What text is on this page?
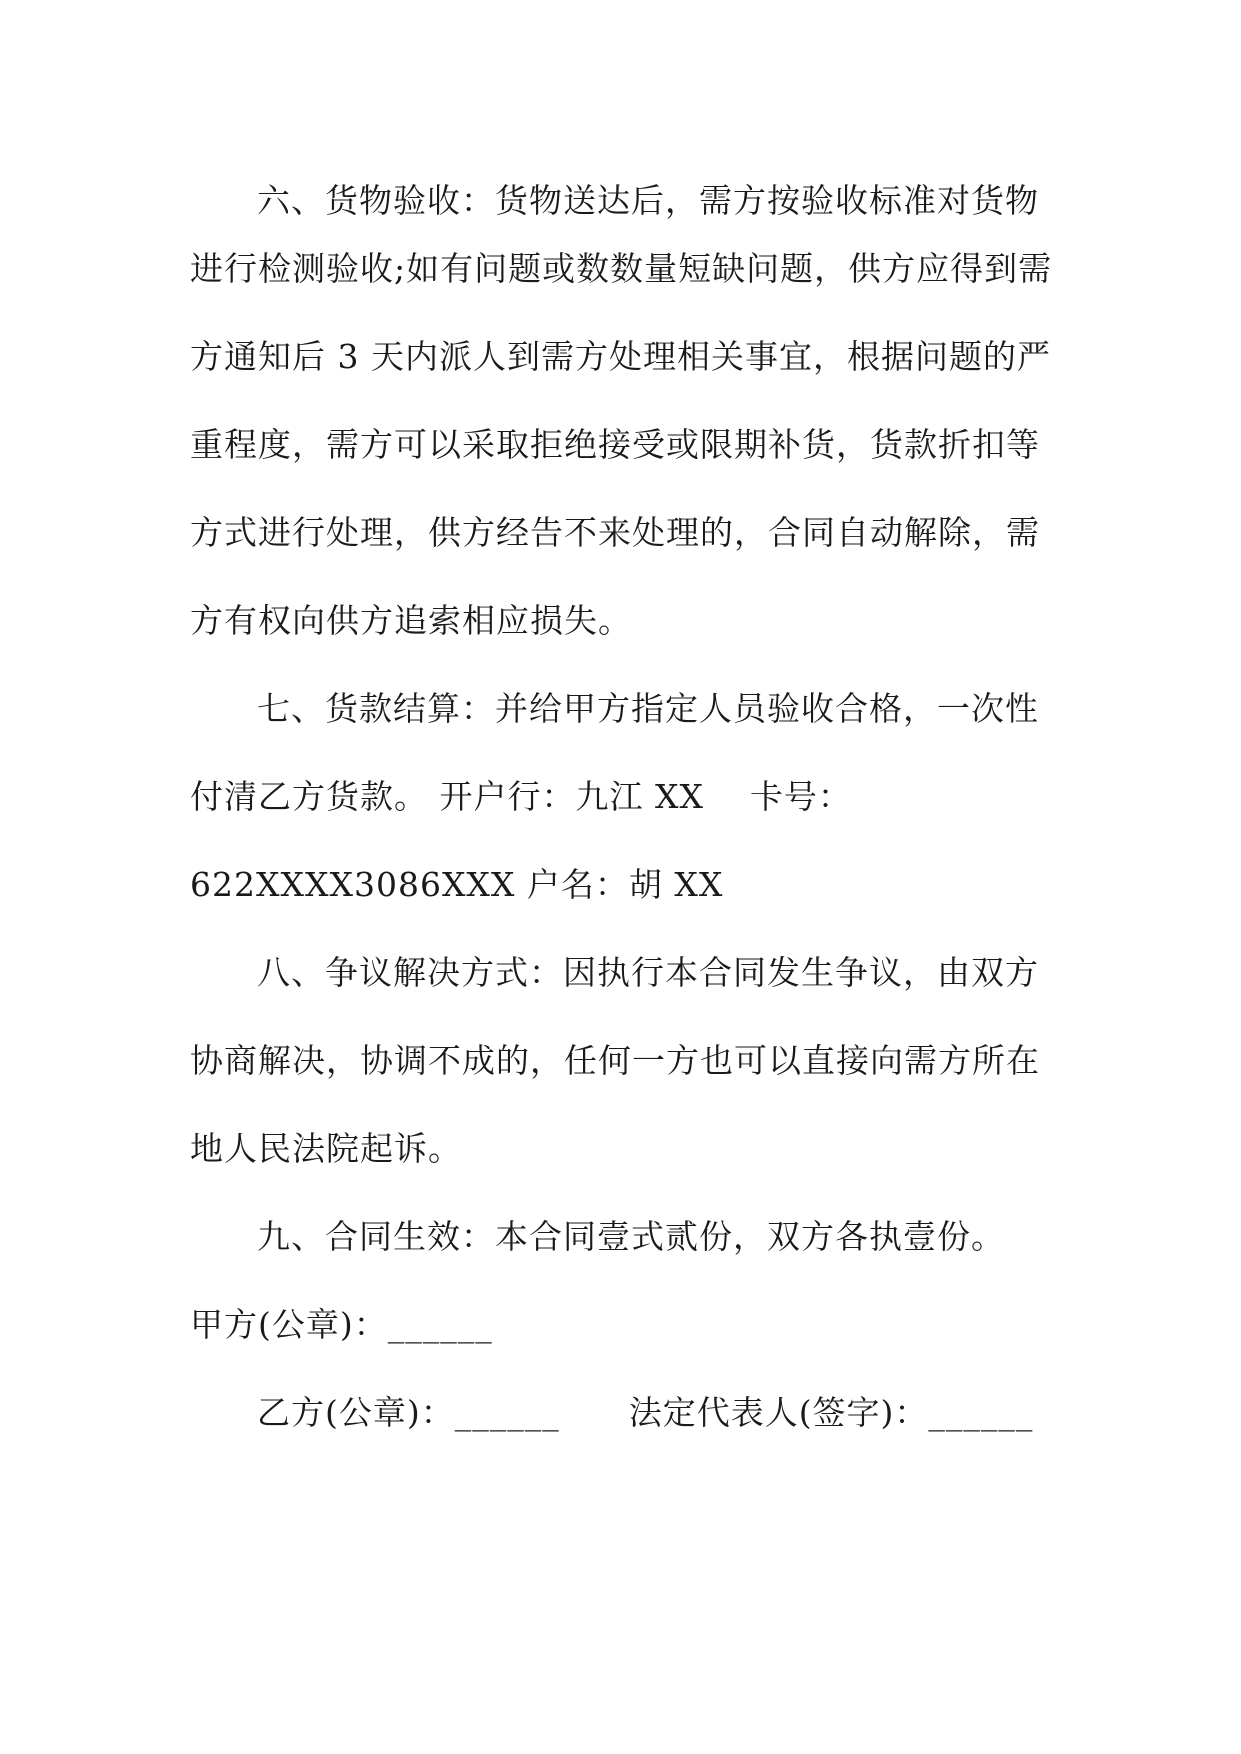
六、货物验收：货物送达后，需方按验收标准对货物
进行检测验收;如有问题或数数量短缺问题，供方应得到需
方通知后 3 天内派人到需方处理相关事宜，根据问题的严
重程度，需方可以采取拒绝接受或限期补货，货款折扣等
方式进行处理，供方经告不来处理的，合同自动解除，需
方有权向供方追索相应损失。
七、货款结算：并给甲方指定人员验收合格，一次性
付清乙方货款。 开户行：九江 XX    卡号：
622XXXX3086XXX 户名：胡 XX
八、争议解决方式：因执行本合同发生争议，由双方
协商解决，协调不成的，任何一方也可以直接向需方所在
地人民法院起诉。
九、合同生效：本合同壹式贰份，双方各执壹份。
甲方(公章)：______
乙方(公章)：______      法定代表人(签字)：______
